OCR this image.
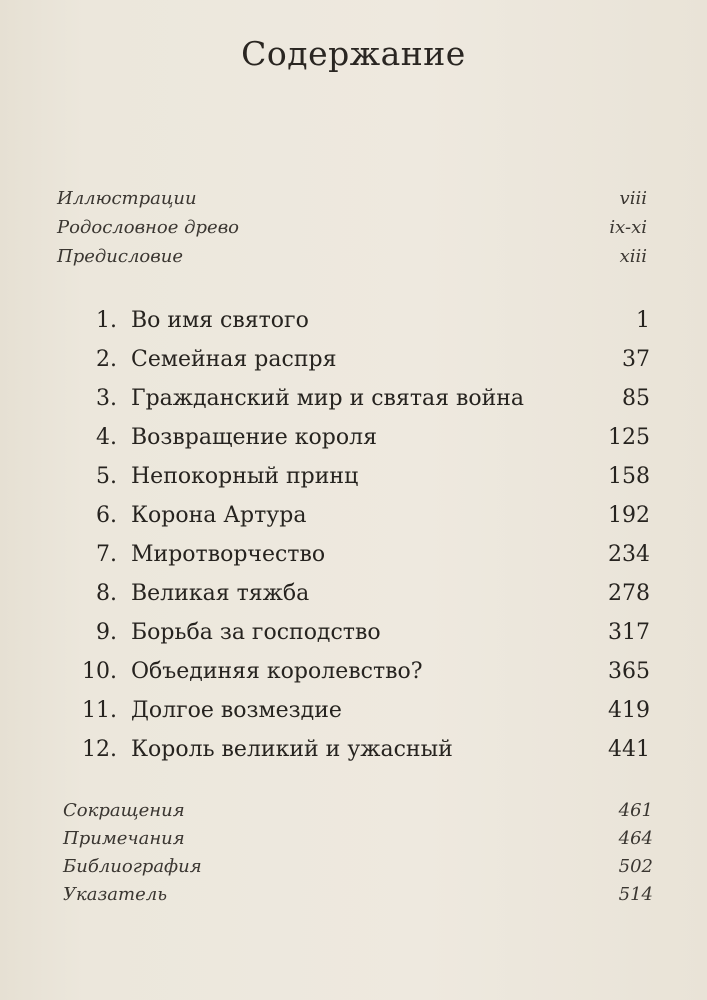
Содержание
Иллюстрации	viii
Родословное древо	ix-xi
Предисловие	xiii
1. Во имя святого	1
2. Семейная распря	37
3. Гражданский мир и святая война	85
4. Возвращение короля	125
5. Непокорный принц	158
6. Корона Артура	192
7. Миротворчество	234
8. Великая тяжба	278
9. Борьба за господство	317
10. Объединяя королевство?	365
11. Долгое возмездие	419
12. Король великий и ужасный	441
Сокращения	461
Примечания	464
Библиография	502
Указатель	514
